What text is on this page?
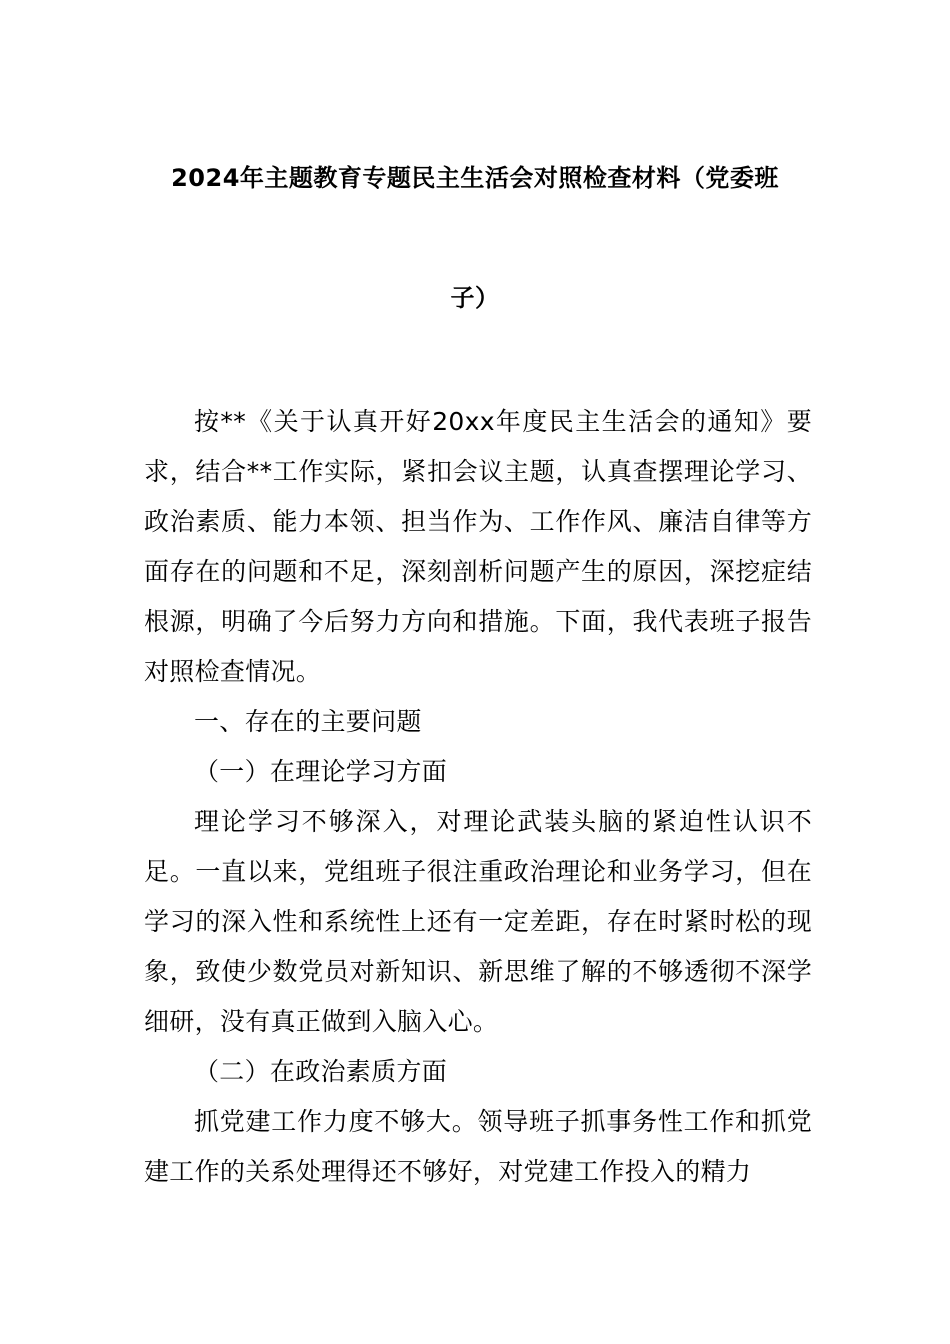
2024年主题教育专题民主生活会对照检查材料（党委班
子）

按**《关于认真开好20xx年度民主生活会的通知》要求，结合**工作实际，紧扣会议主题，认真查摆理论学习、政治素质、能力本领、担当作为、工作作风、廉洁自律等方面存在的问题和不足，深刻剖析问题产生的原因，深挖症结根源，明确了今后努力方向和措施。下面，我代表班子报告对照检查情况。

一、存在的主要问题

（一）在理论学习方面

理论学习不够深入，对理论武装头脑的紧迫性认识不足。一直以来，党组班子很注重政治理论和业务学习，但在学习的深入性和系统性上还有一定差距，存在时紧时松的现象，致使少数党员对新知识、新思维了解的不够透彻不深学细研，没有真正做到入脑入心。

（二）在政治素质方面

抓党建工作力度不够大。领导班子抓事务性工作和抓党建工作的关系处理得还不够好，对党建工作投入的精力
